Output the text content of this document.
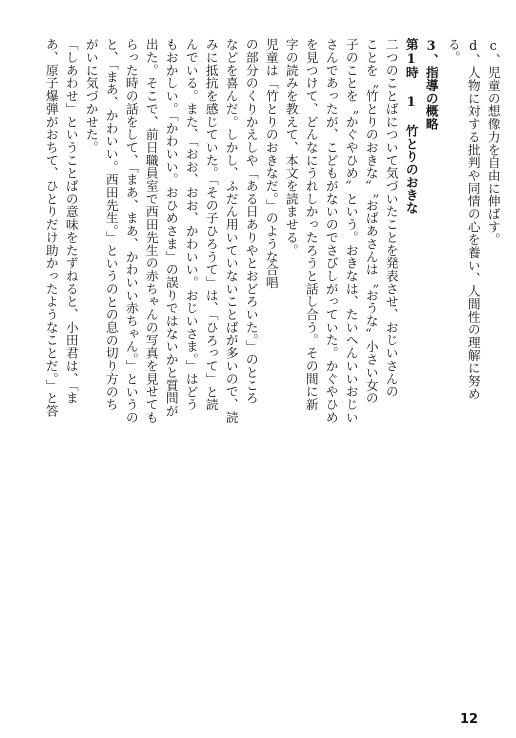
c、児童の想像力を自由に伸ばす。
d、人物に対する批判や同情の心を養い、人間性の理解に努め
る。
3、指導の概略
第1時 1 竹とりのおきな
二つのことばについて気づいたことを発表させ、おじいさんの
ことを〝竹とりのおきな〟〝おばあさんは〝おうな〟小さい女の
子のことを〝かぐやひめ〟という。おきなは、たいへんいいおじい
さんであったが、こどもがないのでさびしがっていた。かぐやひめ
を見つけて、どんなにうれしかったろうと話し合う。その間に新
字の読みを教えて、本文を読ませる。
児童は「竹とりのおきなだ。」のような合唱
の部分のくりかえしや「ある日ありやとおどろいた。」のところ
などを喜んだ。しかし、ふだん用いていないことばが多いので、読
みに抵抗を感じていた。「その子ひろうて」は、「ひろって」と読
んでいる。また、「おお、おお、かわいい。おじいさま。」はどう
もおかしい。「かわいい。おひめさま」の誤りではないかと質問が
出た。そこで、前日職員室で西田先生の赤ちゃんの写真を見せても
らった時の話をして、「まあ、まあ、かわいい赤ちゃん。」というの
と、「まあ、かわいい。西田先生。」というのとの息の切り方のち
がいに気づかせた。
「しあわせ」ということばの意味をたずねると、小田君は、「ま
あ、原子爆弾がおちて、ひとりだけ助かったようなことだ。」と答
12
